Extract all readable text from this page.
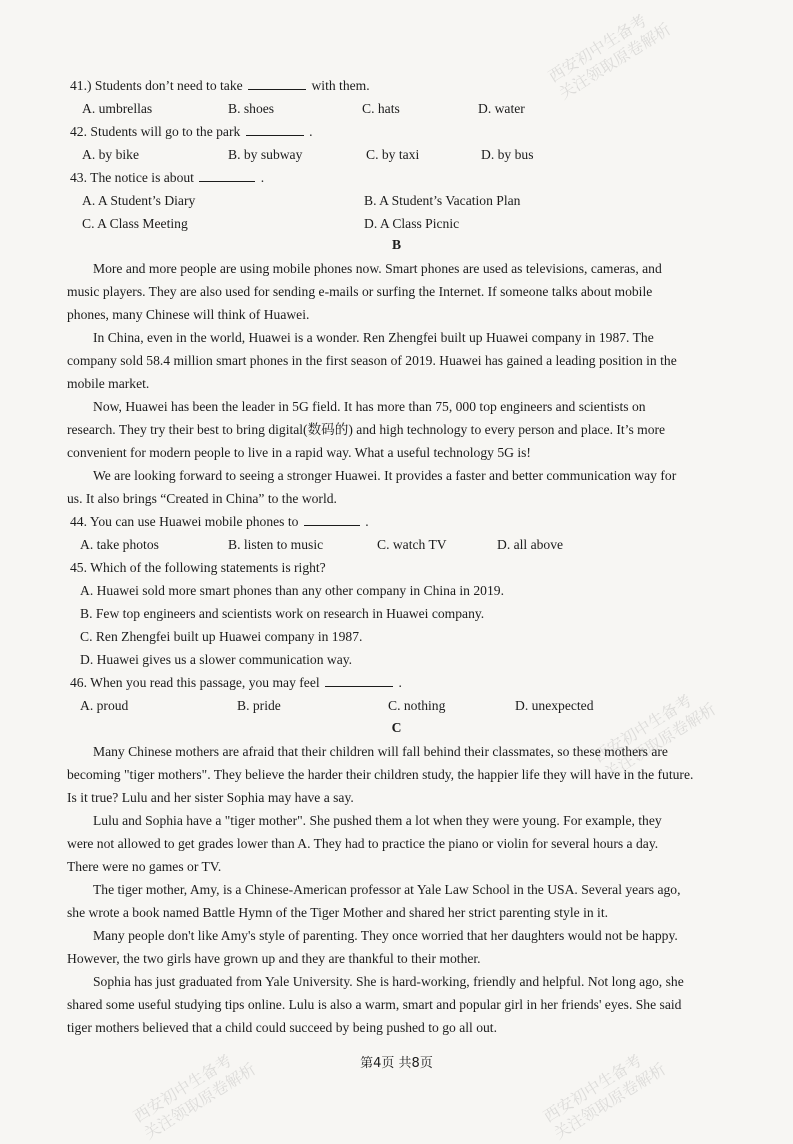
西安初中生备考
关注领取原卷解析
西安初中生备考
关注领取原卷解析
西安初中生备考
关注领取原卷解析	西安初中生备考
关注领取原卷解析
41.) Students don’t need to take	with them.
A. umbrellas	B. shoes	C. hats	D. water
42. Students will go to the park	.
A. by bike	B. by subway	C. by taxi	D. by bus
43. The notice is about	.
A. A Student’s Diary	B. A Student’s Vacation Plan
C. A Class Meeting	D. A Class Picnic
B
More and more people are using mobile phones now. Smart phones are used as televisions, cameras, and
music players. They are also used for sending e-mails or surfing the Internet. If someone talks about mobile
phones, many Chinese will think of Huawei.
In China, even in the world, Huawei is a wonder. Ren Zhengfei built up Huawei company in 1987. The
company sold 58.4 million smart phones in the first season of 2019. Huawei has gained a leading position in the
mobile market.
Now, Huawei has been the leader in 5G field. It has more than 75, 000 top engineers and scientists on
research. They try their best to bring digital(数码的) and high technology to every person and place. It’s more
convenient for modern people to live in a rapid way. What a useful technology 5G is!
We are looking forward to seeing a stronger Huawei. It provides a faster and better communication way for
us. It also brings “Created in China” to the world.
44. You can use Huawei mobile phones to	.
A. take photos	B. listen to music	C. watch TV	D. all above
45. Which of the following statements is right?
A. Huawei sold more smart phones than any other company in China in 2019.
B. Few top engineers and scientists work on research in Huawei company.
C. Ren Zhengfei built up Huawei company in 1987.
D. Huawei gives us a slower communication way.
46. When you read this passage, you may feel	.
A. proud	B. pride	C. nothing	D. unexpected
C
Many Chinese mothers are afraid that their children will fall behind their classmates, so these mothers are
becoming "tiger mothers". They believe the harder their children study, the happier life they will have in the future.
Is it true? Lulu and her sister Sophia may have a say.
Lulu and Sophia have a "tiger mother". She pushed them a lot when they were young. For example, they
were not allowed to get grades lower than A. They had to practice the piano or violin for several hours a day.
There were no games or TV.
The tiger mother, Amy, is a Chinese-American professor at Yale Law School in the USA. Several years ago,
she wrote a book named Battle Hymn of the Tiger Mother and shared her strict parenting style in it.
Many people don't like Amy's style of parenting. They once worried that her daughters would not be happy.
However, the two girls have grown up and they are thankful to their mother.
Sophia has just graduated from Yale University. She is hard-working, friendly and helpful. Not long ago, she
shared some useful studying tips online. Lulu is also a warm, smart and popular girl in her friends' eyes. She said
tiger mothers believed that a child could succeed by being pushed to go all out.
第4页 共8页
